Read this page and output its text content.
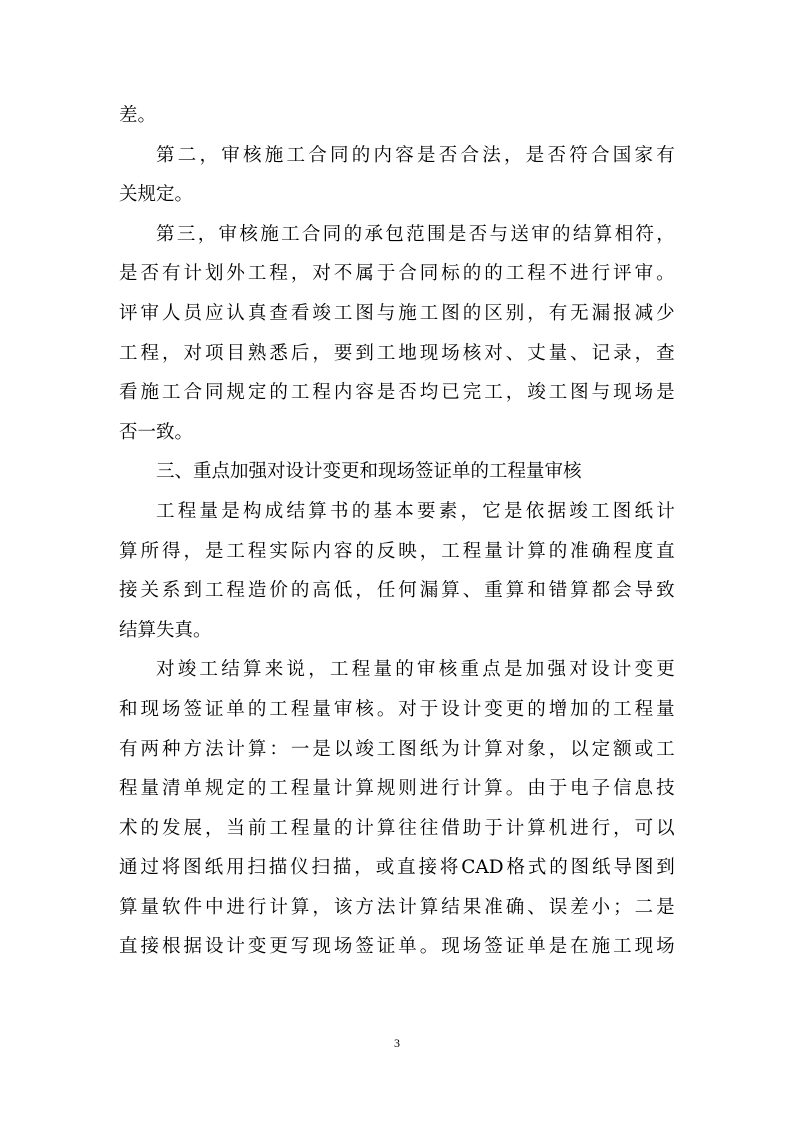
差。
第 二 ， 审 核 施 工 合 同 的 内 容 是 否 合 法 ， 是 否 符 合 国 家 有
关规定。
第 三 ， 审 核 施 工 合 同 的 承 包 范 围 是 否 与 送 审 的 结 算 相 符 ，
是 否 有 计 划 外 工 程 ， 对 不 属 于 合 同 标 的 的 工 程 不 进 行 评 审 。
评 审 人 员 应 认 真 查 看 竣 工 图 与 施 工 图 的 区 别 ， 有 无 漏 报 减 少
工 程 ， 对 项 目 熟 悉 后 ， 要 到 工 地 现 场 核 对 、 丈 量 、 记 录 ， 查
看 施 工 合 同 规 定 的 工 程 内 容 是 否 均 已 完 工 ， 竣 工 图 与 现 场 是
否一致。
三、重点加强对设计变更和现场签证单的工程量审核
工 程 量 是 构 成 结 算 书 的 基 本 要 素 ， 它 是 依 据 竣 工 图 纸 计
算 所 得 ， 是 工 程 实 际 内 容 的 反 映 ， 工 程 量 计 算 的 准 确 程 度 直
接 关 系 到 工 程 造 价 的 高 低 ， 任 何 漏 算 、 重 算 和 错 算 都 会 导 致
结算失真。
对 竣 工 结 算 来 说 ， 工 程 量 的 审 核 重 点 是 加 强 对 设 计 变 更
和 现 场 签 证 单 的 工 程 量 审 核 。 对 于 设 计 变 更 的 增 加 的 工 程 量
有 两 种 方 法 计 算 ： 一 是 以 竣 工 图 纸 为 计 算 对 象 ， 以 定 额 或 工
程 量 清 单 规 定 的 工 程 量 计 算 规 则 进 行 计 算 。 由 于 电 子 信 息 技
术 的 发 展 ， 当 前 工 程 量 的 计 算 往 往 借 助 于 计 算 机 进 行 ， 可 以
通 过 将 图 纸 用 扫 描 仪 扫 描 ， 或 直 接 将 CAD 格 式 的 图 纸 导 图 到
算 量 软 件 中 进 行 计 算 ， 该 方 法 计 算 结 果 准 确 、 误 差 小 ； 二 是
直 接 根 据 设 计 变 更 写 现 场 签 证 单 。 现 场 签 证 单 是 在 施 工 现 场
3
